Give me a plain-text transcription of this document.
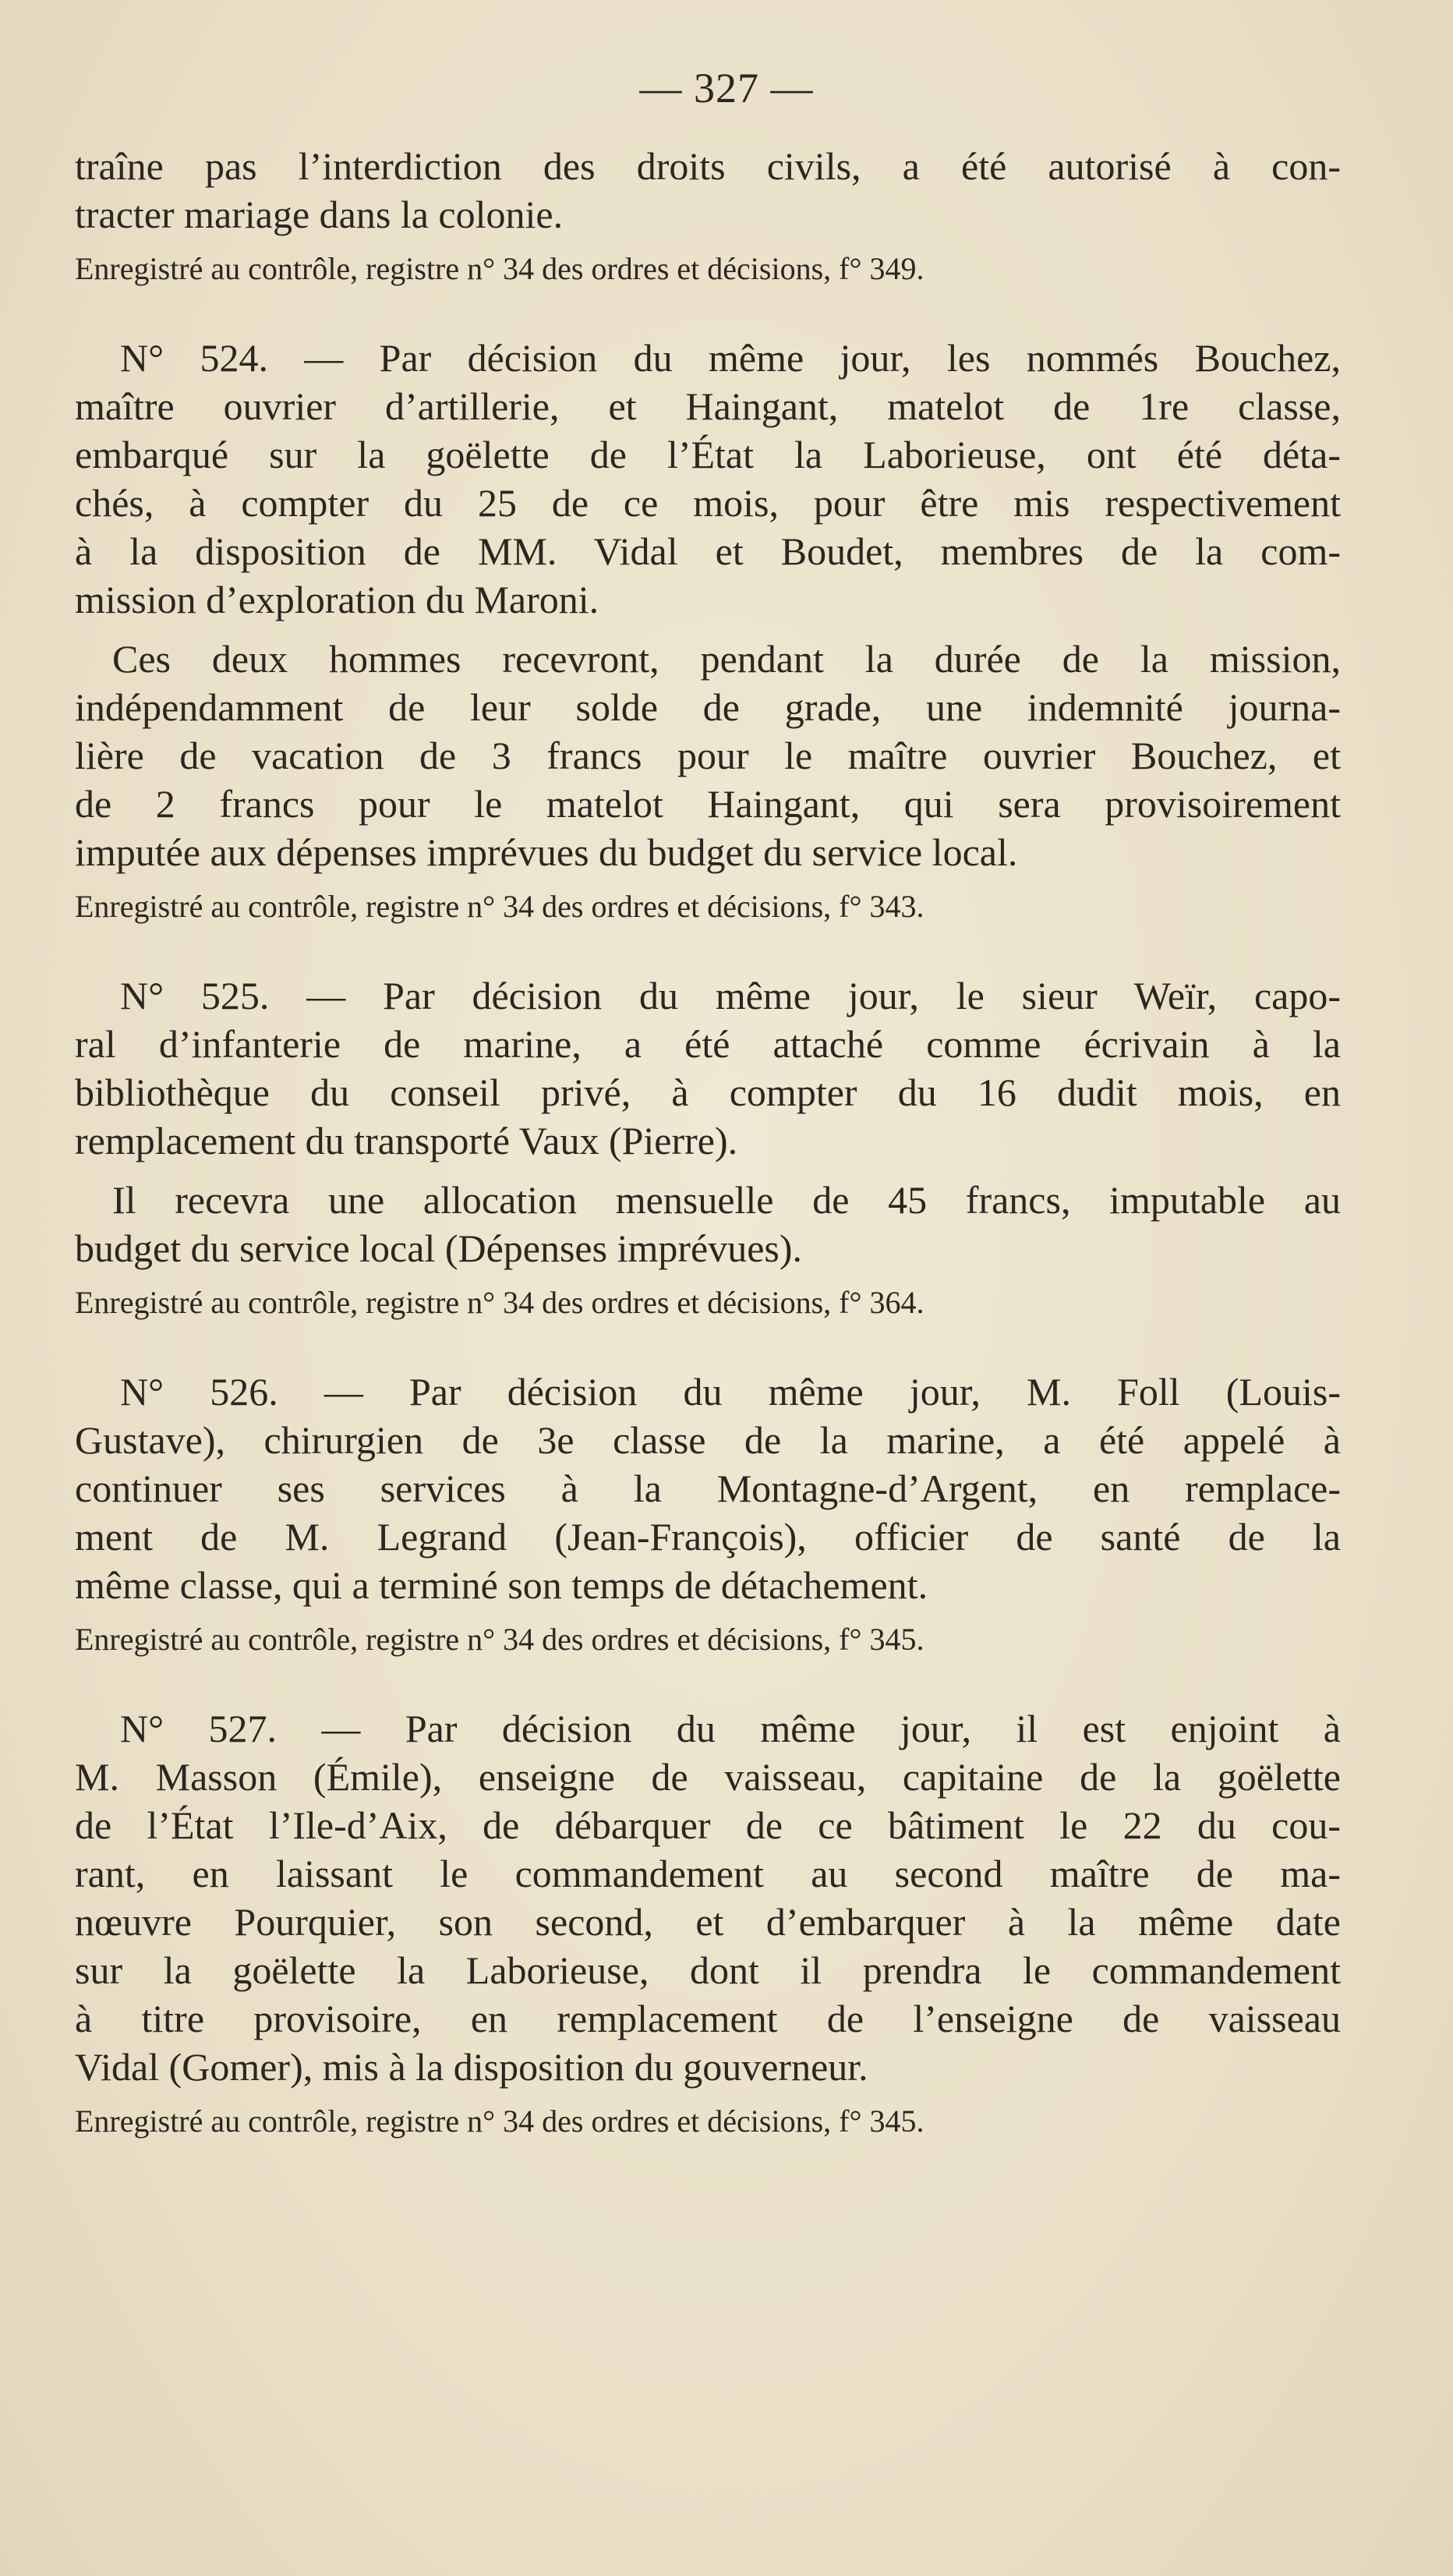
— 327 —
traîne pas l’interdiction des droits civils, a été autorisé à con-
tracter mariage dans la colonie.
Enregistré au contrôle, registre n° 34 des ordres et décisions, f° 349.
N° 524. — Par décision du même jour, les nommés Bouchez,
maître ouvrier d’artillerie, et Haingant, matelot de 1re classe,
embarqué sur la goëlette de l’État la Laborieuse, ont été déta-
chés, à compter du 25 de ce mois, pour être mis respectivement
à la disposition de MM. Vidal et Boudet, membres de la com-
mission d’exploration du Maroni.
Ces deux hommes recevront, pendant la durée de la mission,
indépendamment de leur solde de grade, une indemnité journa-
lière de vacation de 3 francs pour le maître ouvrier Bouchez, et
de 2 francs pour le matelot Haingant, qui sera provisoirement
imputée aux dépenses imprévues du budget du service local.
Enregistré au contrôle, registre n° 34 des ordres et décisions, f° 343.
N° 525. — Par décision du même jour, le sieur Weïr, capo-
ral d’infanterie de marine, a été attaché comme écrivain à la
bibliothèque du conseil privé, à compter du 16 dudit mois, en
remplacement du transporté Vaux (Pierre).
Il recevra une allocation mensuelle de 45 francs, imputable au
budget du service local (Dépenses imprévues).
Enregistré au contrôle, registre n° 34 des ordres et décisions, f° 364.
N° 526. — Par décision du même jour, M. Foll (Louis-
Gustave), chirurgien de 3e classe de la marine, a été appelé à
continuer ses services à la Montagne-d’Argent, en remplace-
ment de M. Legrand (Jean-François), officier de santé de la
même classe, qui a terminé son temps de détachement.
Enregistré au contrôle, registre n° 34 des ordres et décisions, f° 345.
N° 527. — Par décision du même jour, il est enjoint à
M. Masson (Émile), enseigne de vaisseau, capitaine de la goëlette
de l’État l’Ile-d’Aix, de débarquer de ce bâtiment le 22 du cou-
rant, en laissant le commandement au second maître de ma-
nœuvre Pourquier, son second, et d’embarquer à la même date
sur la goëlette la Laborieuse, dont il prendra le commandement
à titre provisoire, en remplacement de l’enseigne de vaisseau
Vidal (Gomer), mis à la disposition du gouverneur.
Enregistré au contrôle, registre n° 34 des ordres et décisions, f° 345.
